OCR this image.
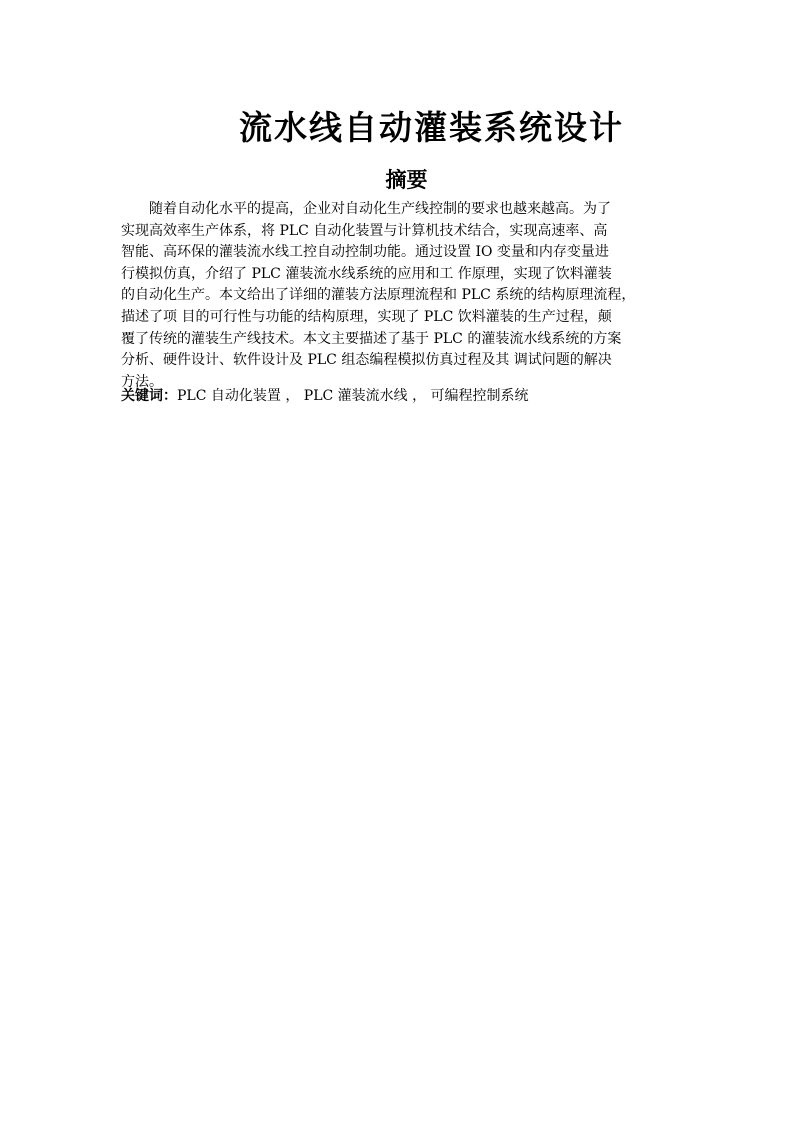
流水线自动灌装系统设计
摘要
随着自动化水平的提高，企业对自动化生产线控制的要求也越来越高。为了
实现高效率生产体系，将 PLC 自动化装置与计算机技术结合，实现高速率、高
智能、高环保的灌装流水线工控自动控制功能。通过设置 IO 变量和内存变量进
行模拟仿真，介绍了 PLC 灌装流水线系统的应用和工 作原理，实现了饮料灌装
的自动化生产。本文给出了详细的灌装方法原理流程和 PLC 系统的结构原理流程，
描述了项 目的可行性与功能的结构原理，实现了 PLC 饮料灌装的生产过程，颠
覆了传统的灌装生产线技术。本文主要描述了基于 PLC 的灌装流水线系统的方案
分析、硬件设计、软件设计及 PLC 组态编程模拟仿真过程及其 调试问题的解决
方法。
关键词：PLC 自动化装置 ， PLC 灌装流水线 ， 可编程控制系统
